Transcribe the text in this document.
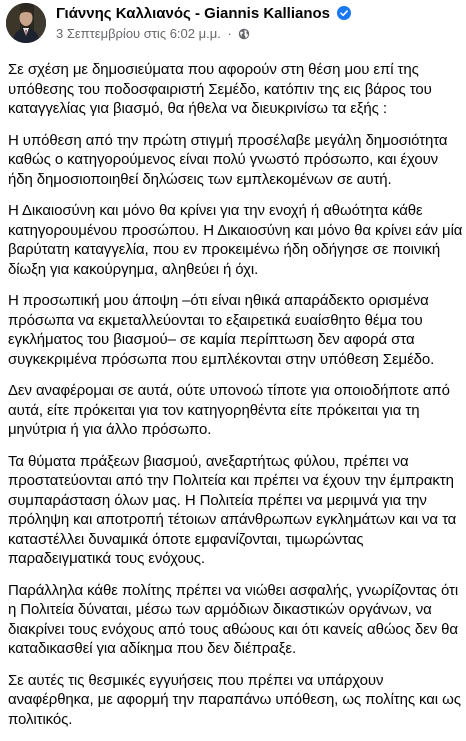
Γιάννης Καλλιανός - Giannis Kallianos
3 Σεπτεμβρίου στις 6:02 μ.μ. ·

Σε σχέση με δημοσιεύματα που αφορούν στη θέση μου επί της υπόθεσης του ποδοσφαιριστή Σεμέδο, κατόπιν της εις βάρος του καταγγελίας για βιασμό, θα ήθελα να διευκρινίσω τα εξής :

Η υπόθεση από την πρώτη στιγμή προσέλαβε μεγάλη δημοσιότητα καθώς ο κατηγορούμενος είναι πολύ γνωστό πρόσωπο, και έχουν ήδη δημοσιοποιηθεί δηλώσεις των εμπλεκομένων σε αυτή.

Η Δικαιοσύνη και μόνο θα κρίνει για την ενοχή ή αθωότητα κάθε κατηγορουμένου προσώπου. Η Δικαιοσύνη και μόνο θα κρίνει εάν μία βαρύτατη καταγγελία, που εν προκειμένω ήδη οδήγησε σε ποινική δίωξη για κακούργημα, αληθεύει ή όχι.

Η προσωπική μου άποψη –ότι είναι ηθικά απαράδεκτο ορισμένα πρόσωπα να εκμεταλλεύονται το εξαιρετικά ευαίσθητο θέμα του εγκλήματος του βιασμού– σε καμία περίπτωση δεν αφορά στα συγκεκριμένα πρόσωπα που εμπλέκονται στην υπόθεση Σεμέδο.

Δεν αναφέρομαι σε αυτά, ούτε υπονοώ τίποτε για οποιοδήποτε από αυτά, είτε πρόκειται για τον κατηγορηθέντα είτε πρόκειται για τη μηνύτρια ή για άλλο πρόσωπο.

Τα θύματα πράξεων βιασμού, ανεξαρτήτως φύλου, πρέπει να προστατεύονται από την Πολιτεία και πρέπει να έχουν την έμπρακτη συμπαράσταση όλων μας. Η Πολιτεία πρέπει να μεριμνά για την πρόληψη και αποτροπή τέτοιων απάνθρωπων εγκλημάτων και να τα καταστέλλει δυναμικά όποτε εμφανίζονται, τιμωρώντας παραδειγματικά τους ενόχους.

Παράλληλα κάθε πολίτης πρέπει να νιώθει ασφαλής, γνωρίζοντας ότι η Πολιτεία δύναται, μέσω των αρμόδιων δικαστικών οργάνων, να διακρίνει τους ενόχους από τους αθώους και ότι κανείς αθώος δεν θα καταδικασθεί για αδίκημα που δεν διέπραξε.

Σε αυτές τις θεσμικές εγγυήσεις που πρέπει να υπάρχουν αναφέρθηκα, με αφορμή την παραπάνω υπόθεση, ως πολίτης και ως πολιτικός.
